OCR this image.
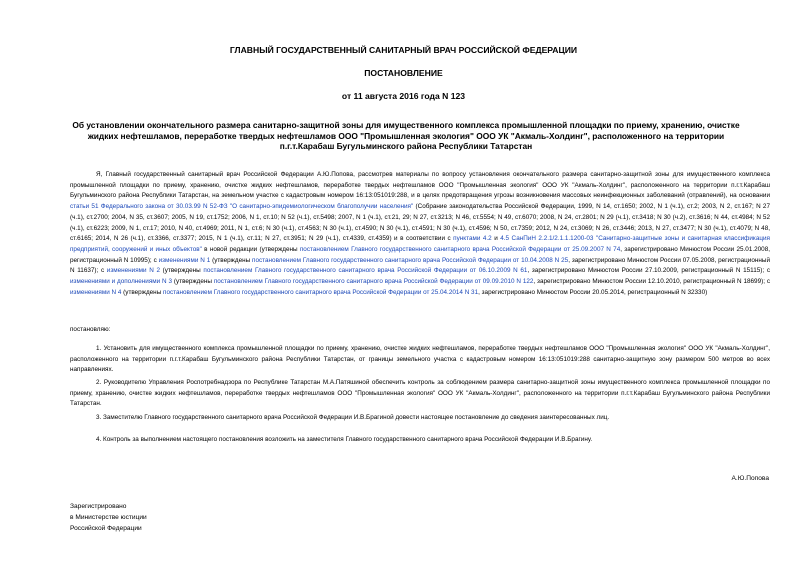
ГЛАВНЫЙ ГОСУДАРСТВЕННЫЙ САНИТАРНЫЙ ВРАЧ РОССИЙСКОЙ ФЕДЕРАЦИИ
ПОСТАНОВЛЕНИЕ
от 11 августа 2016 года N 123
Об установлении окончательного размера санитарно-защитной зоны для имущественного комплекса промышленной площадки по приему, хранению, очистке жидких нефтешламов, переработке твердых нефтешламов ООО "Промышленная экология" ООО УК "Акмаль-Холдинг", расположенного на территории п.г.т.Карабаш Бугульминского района Республики Татарстан

Я, Главный государственный санитарный врач Российской Федерации А.Ю.Попова, рассмотрев материалы по вопросу установления окончательного размера санитарно-защитной зоны для имущественного комплекса промышленной площадки по приему, хранению, очистке жидких нефтешламов, переработке твердых нефтешламов ООО "Промышленная экология" ООО УК "Акмаль-Холдинг", расположенного на территории п.г.т.Карабаш Бугульминского района Республики Татарстан, на земельном участке с кадастровым номером 16:13:051019:288, и в целях предотвращения угрозы возникновения массовых неинфекционных заболеваний (отравлений), на основании статьи 51 Федерального закона от 30.03.99 N 52-ФЗ "О санитарно-эпидемиологическом благополучии населения" (Собрание законодательства Российской Федерации, 1999, N 14, ст.1650; 2002, N 1 (ч.1), ст.2; 2003, N 2, ст.167; N 27 (ч.1), ст.2700; 2004, N 35, ст.3607; 2005, N 19, ст.1752; 2006, N 1, ст.10; N 52 (ч.1), ст.5498; 2007, N 1 (ч.1), ст.21, 29; N 27, ст.3213; N 46, ст.5554; N 49, ст.6070; 2008, N 24, ст.2801; N 29 (ч.1), ст.3418; N 30 (ч.2), ст.3616; N 44, ст.4984; N 52 (ч.1), ст.6223; 2009, N 1, ст.17; 2010, N 40, ст.4969; 2011, N 1, ст.6; N 30 (ч.1), ст.4563; N 30 (ч.1), ст.4590; N 30 (ч.1), ст.4591; N 30 (ч.1), ст.4596; N 50, ст.7359; 2012, N 24, ст.3069; N 26, ст.3446; 2013, N 27, ст.3477; N 30 (ч.1), ст.4079; N 48, ст.6165; 2014, N 26 (ч.1), ст.3366, ст.3377; 2015, N 1 (ч.1), ст.11; N 27, ст.3951; N 29 (ч.1), ст.4339, ст.4359) и в соответствии с пунктами 4.2 и 4.5 СанПиН 2.2.1/2.1.1.1200-03 "Санитарно-защитные зоны и санитарная классификация предприятий, сооружений и иных объектов" в новой редакции (утверждены постановлением Главного государственного санитарного врача Российской Федерации от 25.09.2007 N 74, зарегистрировано Минюстом России 25.01.2008, регистрационный N 10995); с изменениями N 1 (утверждены постановлением Главного государственного санитарного врача Российской Федерации от 10.04.2008 N 25, зарегистрировано Минюстом России 07.05.2008, регистрационный N 11637); с изменениями N 2 (утверждены постановлением Главного государственного санитарного врача Российской Федерации от 06.10.2009 N 61, зарегистрировано Минюстом России 27.10.2009, регистрационный N 15115); с изменениями и дополнениями N 3 (утверждены постановлением Главного государственного санитарного врача Российской Федерации от 09.09.2010 N 122, зарегистрировано Минюстом России 12.10.2010, регистрационный N 18699); с изменениями N 4 (утверждены постановлением Главного государственного санитарного врача Российской Федерации от 25.04.2014 N 31, зарегистрировано Минюстом России 20.05.2014, регистрационный N 32330)

постановляю:

1. Установить для имущественного комплекса промышленной площадки по приему, хранению, очистке жидких нефтешламов, переработке твердых нефтешламов ООО "Промышленная экология" ООО УК "Акмаль-Холдинг", расположенного на территории п.г.т.Карабаш Бугульминского района Республики Татарстан, от границы земельного участка с кадастровым номером 16:13:051019:288 санитарно-защитную зону размером 500 метров во всех направлениях.

2. Руководителю Управления Роспотребнадзора по Республике Татарстан М.А.Патяшиной обеспечить контроль за соблюдением размера санитарно-защитной зоны имущественного комплекса промышленной площадки по приему, хранению, очистке жидких нефтешламов, переработке твердых нефтешламов ООО "Промышленная экология" ООО УК "Акмаль-Холдинг", расположенного на территории п.г.т.Карабаш Бугульминского района Республики Татарстан.

3. Заместителю Главного государственного санитарного врача Российской Федерации И.В.Брагиной довести настоящее постановление до сведения заинтересованных лиц.

4. Контроль за выполнением настоящего постановления возложить на заместителя Главного государственного санитарного врача Российской Федерации И.В.Брагину.

А.Ю.Попова
Зарегистрировано
в Министерстве юстиции
Российской Федерации
